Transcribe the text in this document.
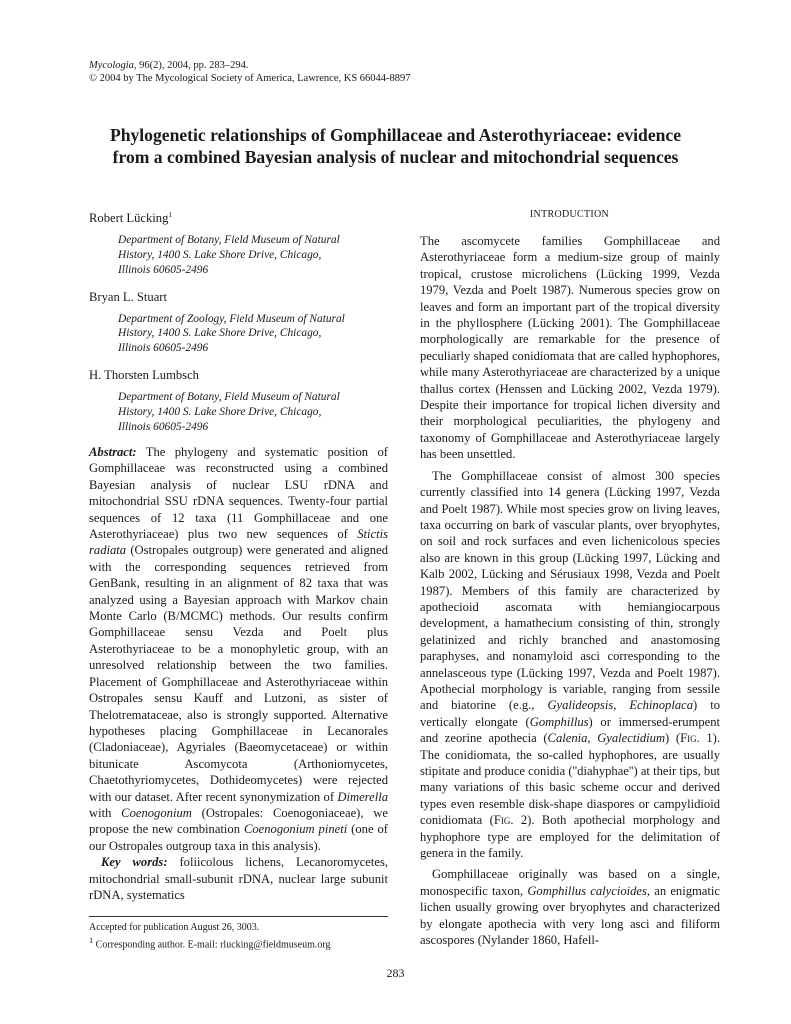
Mycologia, 96(2), 2004, pp. 283–294.
© 2004 by The Mycological Society of America, Lawrence, KS 66044-8897
Phylogenetic relationships of Gomphillaceae and Asterothyriaceae: evidence
from a combined Bayesian analysis of nuclear and mitochondrial sequences
Robert Lücking$^1$
Department of Botany, Field Museum of Natural
History, 1400 S. Lake Shore Drive, Chicago,
Illinois 60605-2496
Bryan L. Stuart
Department of Zoology, Field Museum of Natural
History, 1400 S. Lake Shore Drive, Chicago,
Illinois 60605-2496
H. Thorsten Lumbsch
Department of Botany, Field Museum of Natural
History, 1400 S. Lake Shore Drive, Chicago,
Illinois 60605-2496

Abstract: The phylogeny and systematic position of Gomphillaceae was reconstructed using a combined Bayesian analysis of nuclear LSU rDNA and mitochondrial SSU rDNA sequences. Twenty-four partial sequences of 12 taxa (11 Gomphillaceae and one Asterothyriaceae) plus two new sequences of Stictis radiata (Ostropales outgroup) were generated and aligned with the corresponding sequences retrieved from GenBank, resulting in an alignment of 82 taxa that was analyzed using a Bayesian approach with Markov chain Monte Carlo (B/MCMC) methods. Our results confirm Gomphillaceae sensu Vezda and Poelt plus Asterothyriaceae to be a monophyletic group, with an unresolved relationship between the two families. Placement of Gomphillaceae and Asterothyriaceae within Ostropales sensu Kauff and Lutzoni, as sister of Thelotremataceae, also is strongly supported. Alternative hypotheses placing Gomphillaceae in Lecanorales (Cladoniaceae), Agyriales (Baeomycetaceae) or within bitunicate Ascomycota (Arthoniomycetes, Chaetothyriomycetes, Dothideomycetes) were rejected with our dataset. After recent synonymization of Dimerella with Coenogonium (Ostropales: Coenogoniaceae), we propose the new combination Coenogonium pineti (one of our Ostropales outgroup taxa in this analysis).

Key words: foliicolous lichens, Lecanoromycetes, mitochondrial small-subunit rDNA, nuclear large subunit rDNA, systematics

Accepted for publication August 26, 3003.

$^1$ Corresponding author. E-mail: rlucking@fieldmuseum.org

INTRODUCTION

The ascomycete families Gomphillaceae and Asterothyriaceae form a medium-size group of mainly tropical, crustose microlichens (Lücking 1999, Vezda 1979, Vezda and Poelt 1987). Numerous species grow on leaves and form an important part of the tropical diversity in the phyllosphere (Lücking 2001). The Gomphillaceae morphologically are remarkable for the presence of peculiarly shaped conidiomata that are called hyphophores, while many Asterothyriaceae are characterized by a unique thallus cortex (Henssen and Lücking 2002, Vezda 1979). Despite their importance for tropical lichen diversity and their morphological peculiarities, the phylogeny and taxonomy of Gomphillaceae and Asterothyriaceae largely has been unsettled.

The Gomphillaceae consist of almost 300 species currently classified into 14 genera (Lücking 1997, Vezda and Poelt 1987). While most species grow on living leaves, taxa occurring on bark of vascular plants, over bryophytes, on soil and rock surfaces and even lichenicolous species also are known in this group (Lücking 1997, Lücking and Kalb 2002, Lücking and Sérusiaux 1998, Vezda and Poelt 1987). Members of this family are characterized by apothecioid ascomata with hemiangiocarpous development, a hamathecium consisting of thin, strongly gelatinized and richly branched and anastomosing paraphyses, and nonamyloid asci corresponding to the annelasceous type (Lücking 1997, Vezda and Poelt 1987). Apothecial morphology is variable, ranging from sessile and biatorine (e.g., Gyalideopsis, Echinoplaca) to vertically elongate (Gomphillus) or immersed-erumpent and zeorine apothecia (Calenia, Gyalectidium) (Fig. 1). The conidiomata, the so-called hyphophores, are usually stipitate and produce conidia (''diahyphae'') at their tips, but many variations of this basic scheme occur and derived types even resemble disk-shape diaspores or campylidioid conidiomata (Fig. 2). Both apothecial morphology and hyphophore type are employed for the delimitation of genera in the family.

Gomphillaceae originally was based on a single, monospecific taxon, Gomphillus calycioides, an enigmatic lichen usually growing over bryophytes and characterized by elongate apothecia with very long asci and filiform ascospores (Nylander 1860, Hafell-

283
